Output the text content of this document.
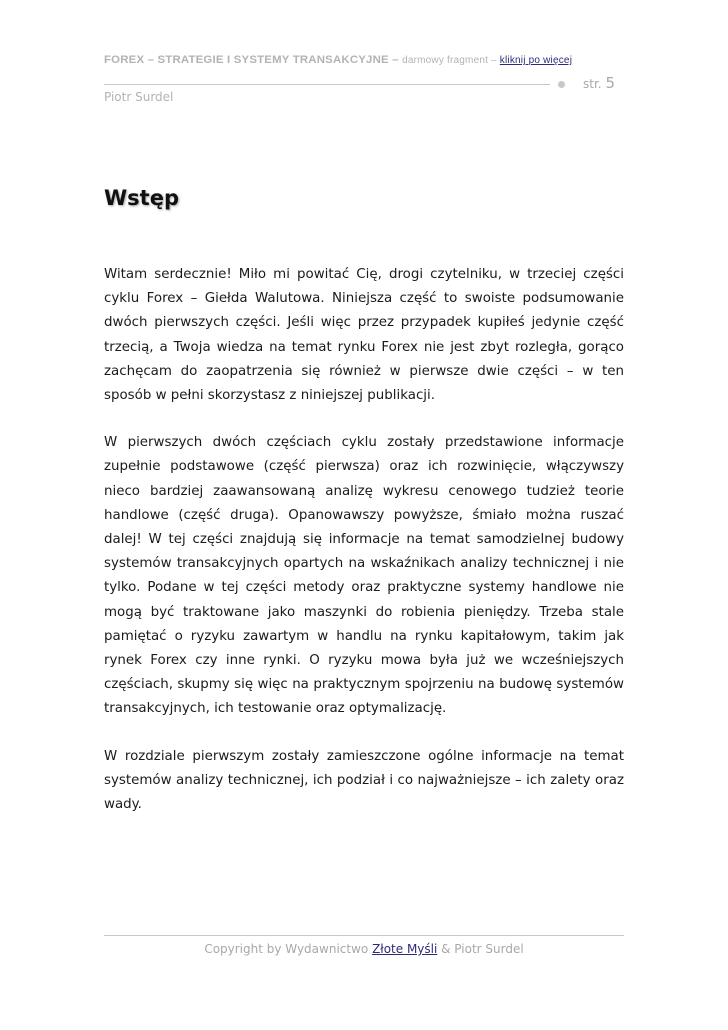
FOREX – STRATEGIE I SYSTEMY TRANSAKCYJNE – darmowy fragment – kliknij po więcej
str. 5
Piotr Surdel
Wstęp

Witam serdecznie! Miło mi powitać Cię, drogi czytelniku, w trzeciej części cyklu Forex – Giełda Walutowa. Niniejsza część to swoiste podsumowanie dwóch pierwszych części. Jeśli więc przez przypadek kupiłeś jedynie część trzecią, a Twoja wiedza na temat rynku Forex nie jest zbyt rozległa, gorąco zachęcam do zaopatrzenia się również w pierwsze dwie części – w ten sposób w pełni skorzystasz z niniejszej publikacji.

W pierwszych dwóch częściach cyklu zostały przedstawione informacje zupełnie podstawowe (część pierwsza) oraz ich rozwinięcie, włączywszy nieco bardziej zaawansowaną analizę wykresu cenowego tudzież teorie handlowe (część druga). Opanowawszy powyższe, śmiało można ruszać dalej! W tej części znajdują się informacje na temat samodzielnej budowy systemów transakcyjnych opartych na wskaźnikach analizy technicznej i nie tylko. Podane w tej części metody oraz praktyczne systemy handlowe nie mogą być traktowane jako maszynki do robienia pieniędzy. Trzeba stale pamiętać o ryzyku zawartym w handlu na rynku kapitałowym, takim jak rynek Forex czy inne rynki. O ryzyku mowa była już we wcześniejszych częściach, skupmy się więc na praktycznym spojrzeniu na budowę systemów transakcyjnych, ich testowanie oraz optymalizację.

W rozdziale pierwszym zostały zamieszczone ogólne informacje na temat systemów analizy technicznej, ich podział i co najważniejsze – ich zalety oraz wady.

Copyright by Wydawnictwo Złote Myśli & Piotr Surdel
